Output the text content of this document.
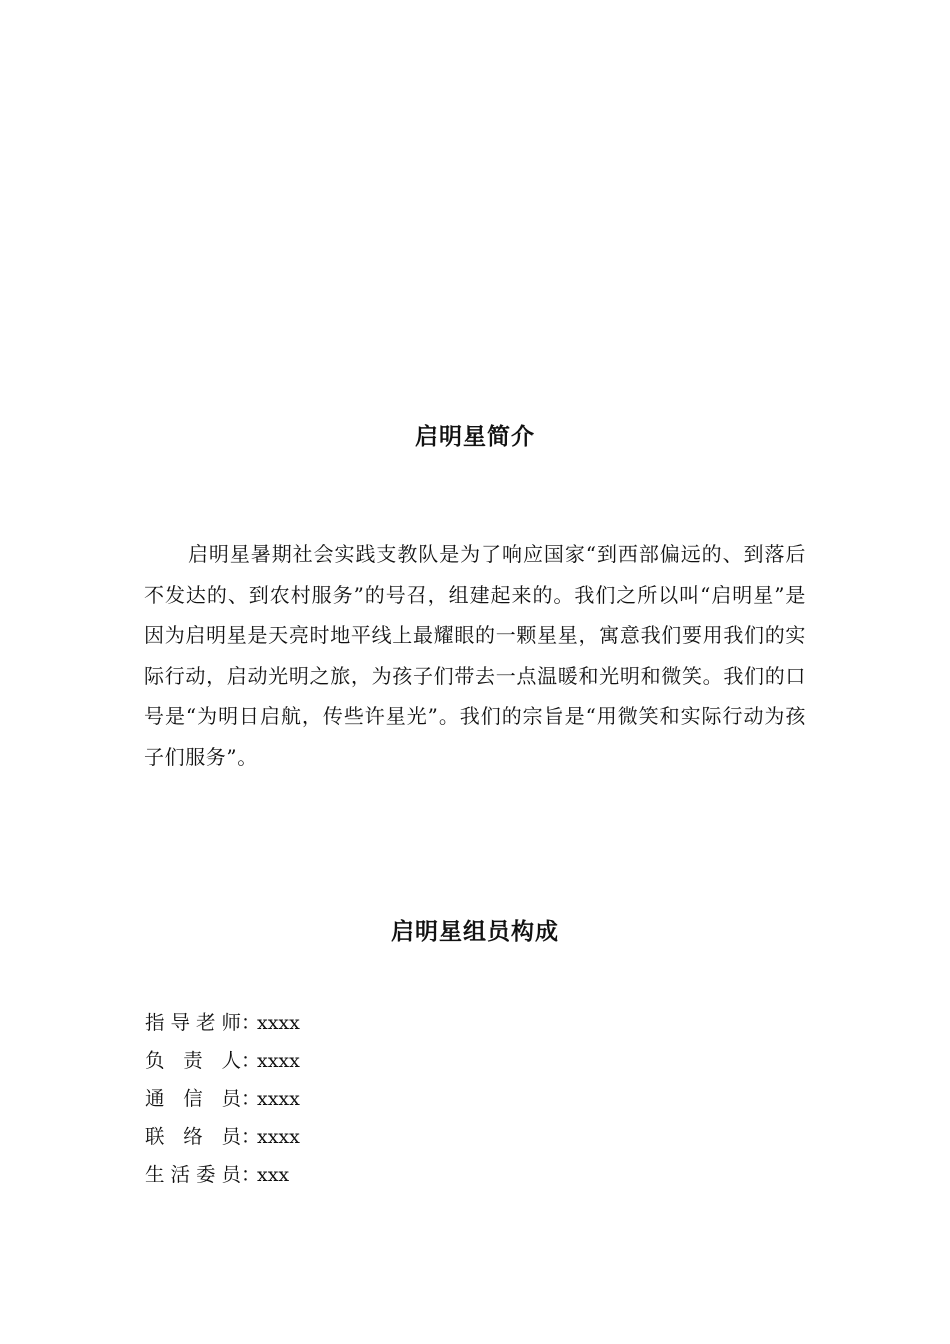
启明星简介

启明星暑期社会实践支教队是为了响应国家“到西部偏远的、到落后不发达的、到农村服务”的号召，组建起来的。我们之所以叫“启明星”是因为启明星是天亮时地平线上最耀眼的一颗星星，寓意我们要用我们的实际行动，启动光明之旅，为孩子们带去一点温暖和光明和微笑。我们的口号是“为明日启航，传些许星光”。我们的宗旨是“用微笑和实际行动为孩子们服务”。

启明星组员构成
指导老师：xxxx
负责人：xxxx
通信员：xxxx
联络员：xxxx
生活委员：xxx
